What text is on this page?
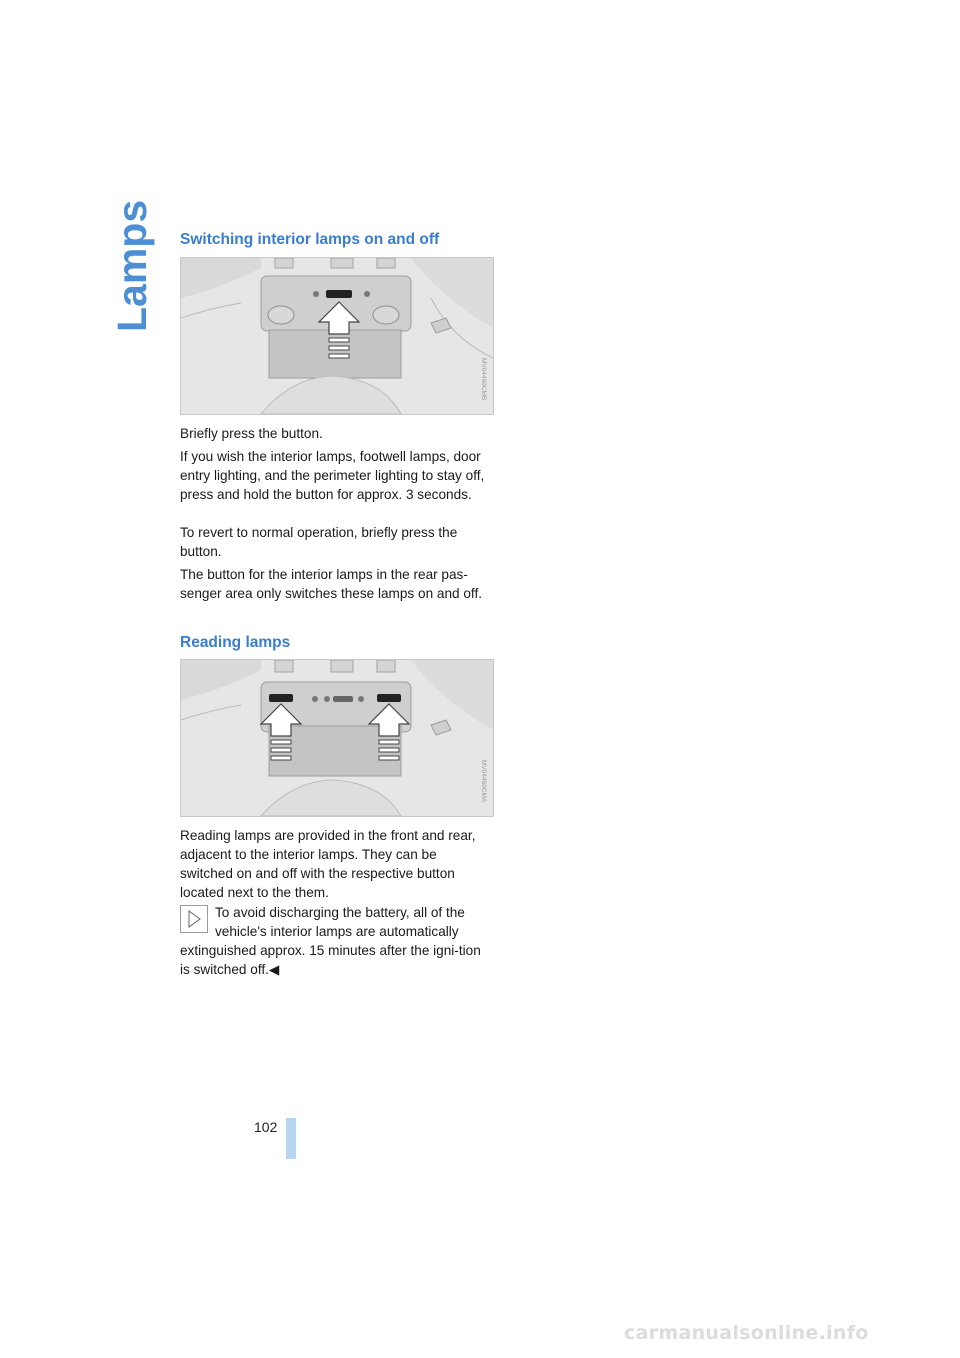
Lamps Switching interior lamps on and off
MV04490CMB

Briefly press the button.

If you wish the interior lamps, footwell lamps, door entry lighting, and the perimeter lighting to stay off, press and hold the button for approx. 3 seconds.

To revert to normal operation, briefly press the button.

The button for the interior lamps in the rear pas-senger area only switches these lamps on and off.

Reading lamps
MV04490CMA

Reading lamps are provided in the front and rear, adjacent to the interior lamps. They can be switched on and off with the respective button located next to the them.

To avoid discharging the battery, all of the vehicle's interior lamps are automatically

extinguished approx. 15 minutes after the igni-tion is switched off.◀

102
carmanualsonline.info
